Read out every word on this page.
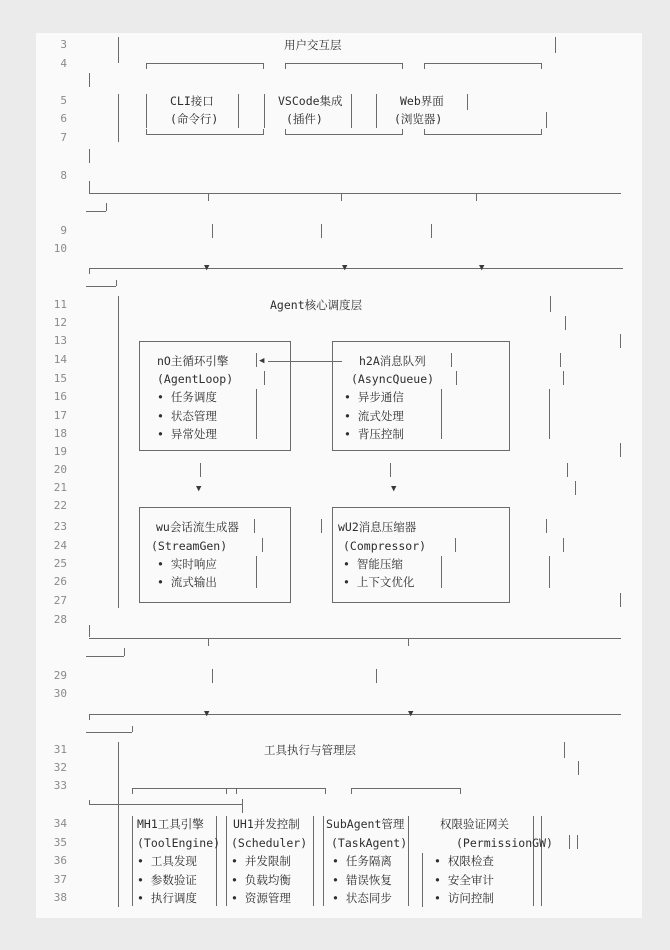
3
4
5
6
7
8
9
10
11
12
13
14
15
16
17
18
19
20
21
22
23
24
25
26
27
28
29
30
31
32
33
34
35
36
37
38
用户交互层
CLI接口
(命令行)
VSCode集成
(插件)
Web界面
(浏览器)
▼	▼	▼
Agent核心调度层
nO主循环引擎	◀
(AgentLoop)
• 任务调度
• 状态管理
• 异常处理
h2A消息队列
(AsyncQueue)
• 异步通信
• 流式处理
• 背压控制
▼	▼
wu会话流生成器
(StreamGen)
• 实时响应
• 流式输出
wU2消息压缩器
(Compressor)
• 智能压缩
• 上下文优化
▼	▼
工具执行与管理层
MH1工具引擎
(ToolEngine)
• 工具发现
• 参数验证
• 执行调度
UH1并发控制
(Scheduler)
• 并发限制
• 负载均衡
• 资源管理
SubAgent管理
(TaskAgent)
• 任务隔离
• 错误恢复
• 状态同步
权限验证网关
(PermissionGW)
• 权限检查
• 安全审计
• 访问控制
